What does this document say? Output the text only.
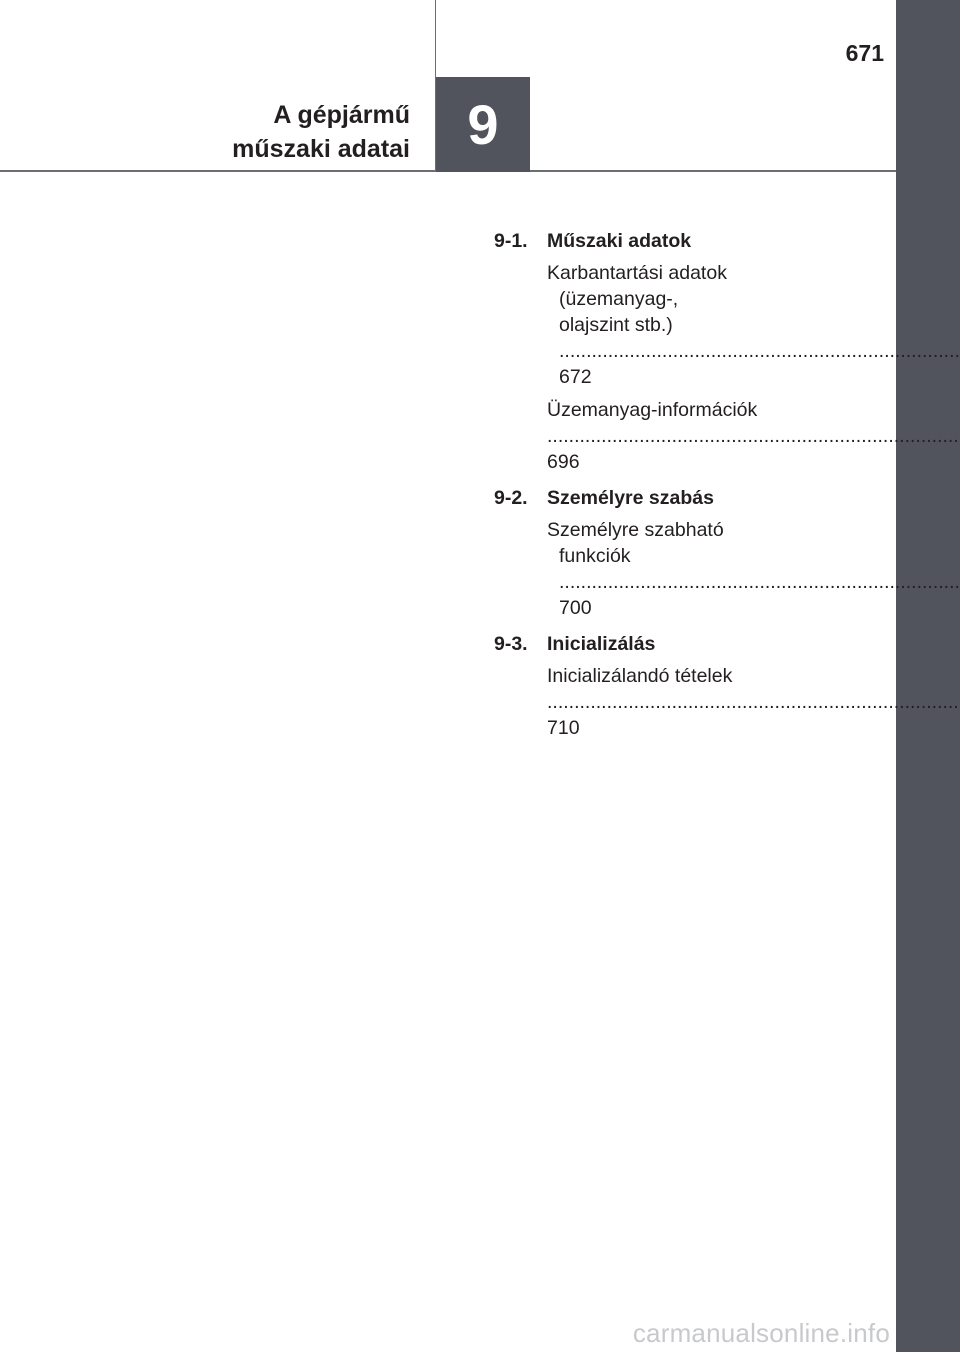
671
A gépjármű
műszaki adatai	9
9-1. Műszaki adatok
Karbantartási adatok
(üzemanyag-,
olajszint stb.) ..... 672
Üzemanyag-információk ..... 696
9-2. Személyre szabás
Személyre szabható
funkciók ..... 700
9-3. Inicializálás
Inicializálandó tételek ..... 710
carmanualsonline.info
